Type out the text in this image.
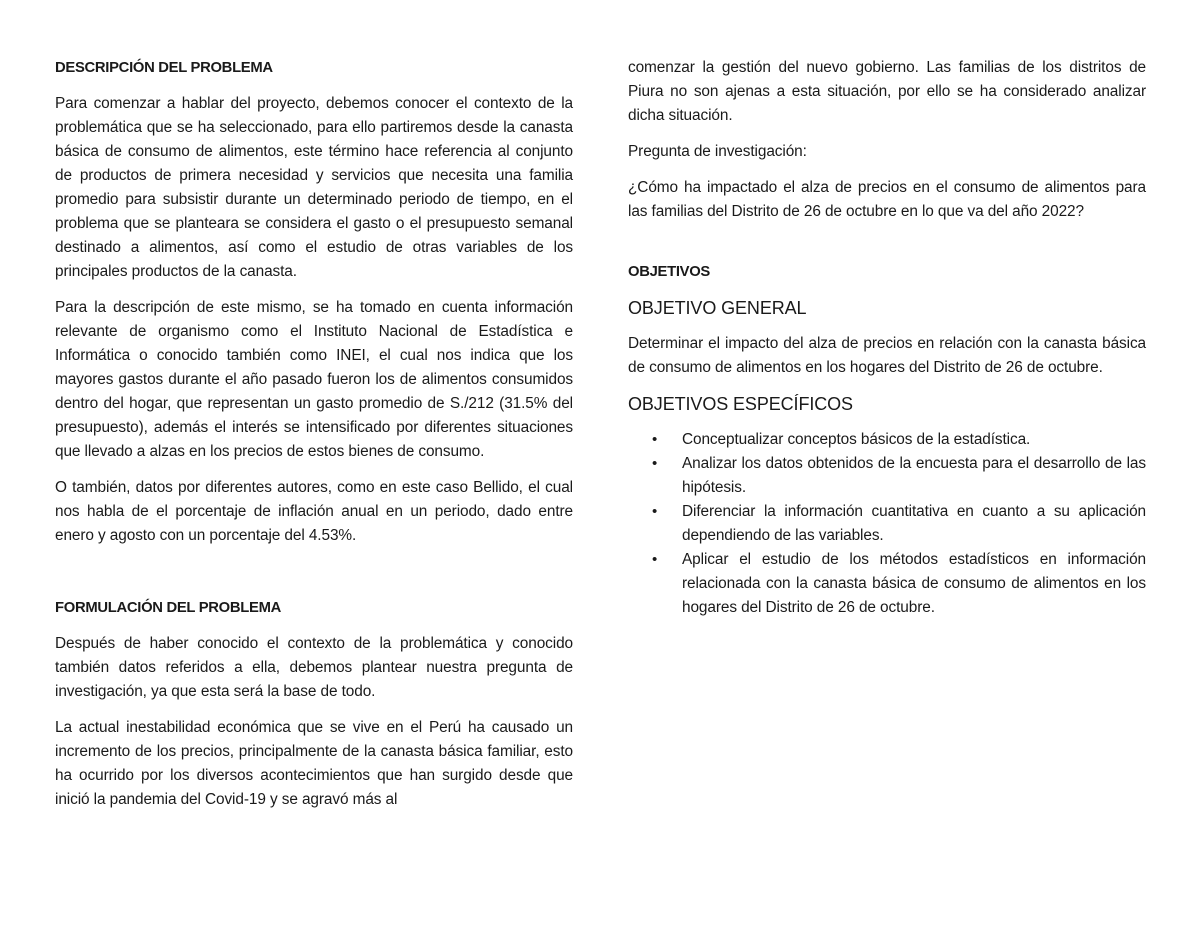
DESCRIPCIÓN DEL PROBLEMA

Para comenzar a hablar del proyecto, debemos conocer el contexto de la problemática que se ha seleccionado, para ello partiremos desde la canasta básica de consumo de alimentos, este término hace referencia al conjunto de productos de primera necesidad y servicios que necesita una familia promedio para subsistir durante un determinado periodo de tiempo, en el problema que se planteara se considera el gasto o el presupuesto semanal destinado a alimentos, así como el estudio de otras variables de los principales productos de la canasta.

Para la descripción de este mismo, se ha tomado en cuenta información relevante de organismo como el Instituto Nacional de Estadística e Informática o conocido también como INEI, el cual nos indica que los mayores gastos durante el año pasado fueron los de alimentos consumidos dentro del hogar, que representan un gasto promedio de S./212 (31.5% del presupuesto), además el interés se intensificado por diferentes situaciones que llevado a alzas en los precios de estos bienes de consumo.

O también, datos por diferentes autores, como en este caso Bellido, el cual nos habla de el porcentaje de inflación anual en un periodo, dado entre enero y agosto con un porcentaje del 4.53%.

FORMULACIÓN DEL PROBLEMA

Después de haber conocido el contexto de la problemática y conocido también datos referidos a ella, debemos plantear nuestra pregunta de investigación, ya que esta será la base de todo.

La actual inestabilidad económica que se vive en el Perú ha causado un incremento de los precios, principalmente de la canasta básica familiar, esto ha ocurrido por los diversos acontecimientos que han surgido desde que inició la pandemia del Covid-19 y se agravó más al

comenzar la gestión del nuevo gobierno. Las familias de los distritos de Piura no son ajenas a esta situación, por ello se ha considerado analizar dicha situación.

Pregunta de investigación:

¿Cómo ha impactado el alza de precios en el consumo de alimentos para las familias del Distrito de 26 de octubre en lo que va del año 2022?

OBJETIVOS
OBJETIVO GENERAL

Determinar el impacto del alza de precios en relación con la canasta básica de consumo de alimentos en los hogares del Distrito de 26 de octubre.

OBJETIVOS ESPECÍFICOS
• Conceptualizar conceptos básicos de la estadística.
• Analizar los datos obtenidos de la encuesta para el desarrollo de las hipótesis.
• Diferenciar la información cuantitativa en cuanto a su aplicación dependiendo de las variables.
• Aplicar el estudio de los métodos estadísticos en información relacionada con la canasta básica de consumo de alimentos en los hogares del Distrito de 26 de octubre.
